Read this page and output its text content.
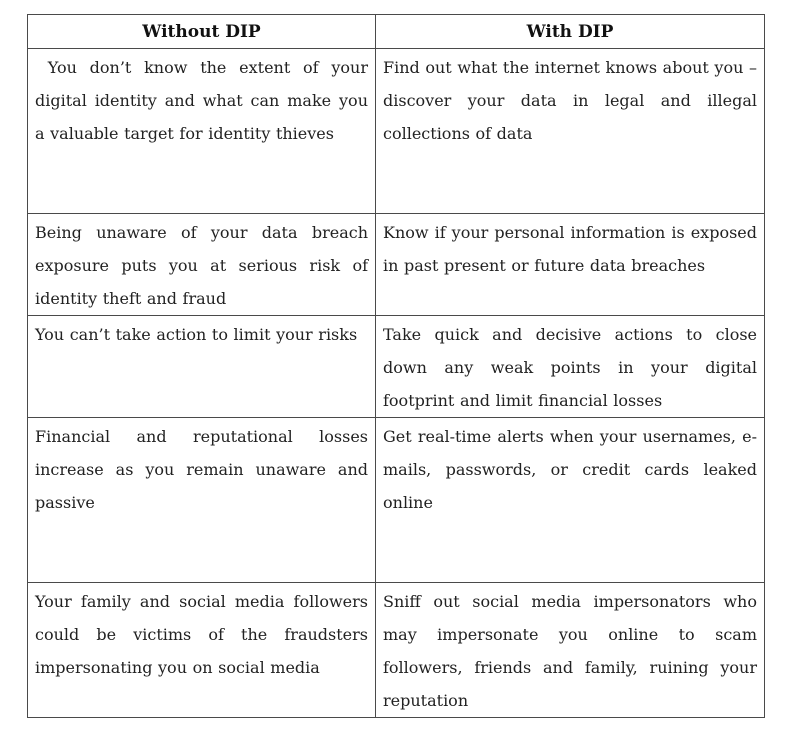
Without DIP	With DIP
You don’t know the extent of your digital identity and what can make you a valuable target for identity thieves	Find out what the internet knows about you – discover your data in legal and illegal collections of data
Being unaware of your data breach exposure puts you at serious risk of identity theft and fraud	Know if your personal information is exposed in past present or future data breaches
You can’t take action to limit your risks	Take quick and decisive actions to close down any weak points in your digital footprint and limit financial losses
Financial and reputational losses increase as you remain unaware and passive	Get real-time alerts when your usernames, e-mails, passwords, or credit cards leaked online
Your family and social media followers could be victims of the fraudsters impersonating you on social media	Sniff out social media impersonators who may impersonate you online to scam followers, friends and family, ruining your reputation
